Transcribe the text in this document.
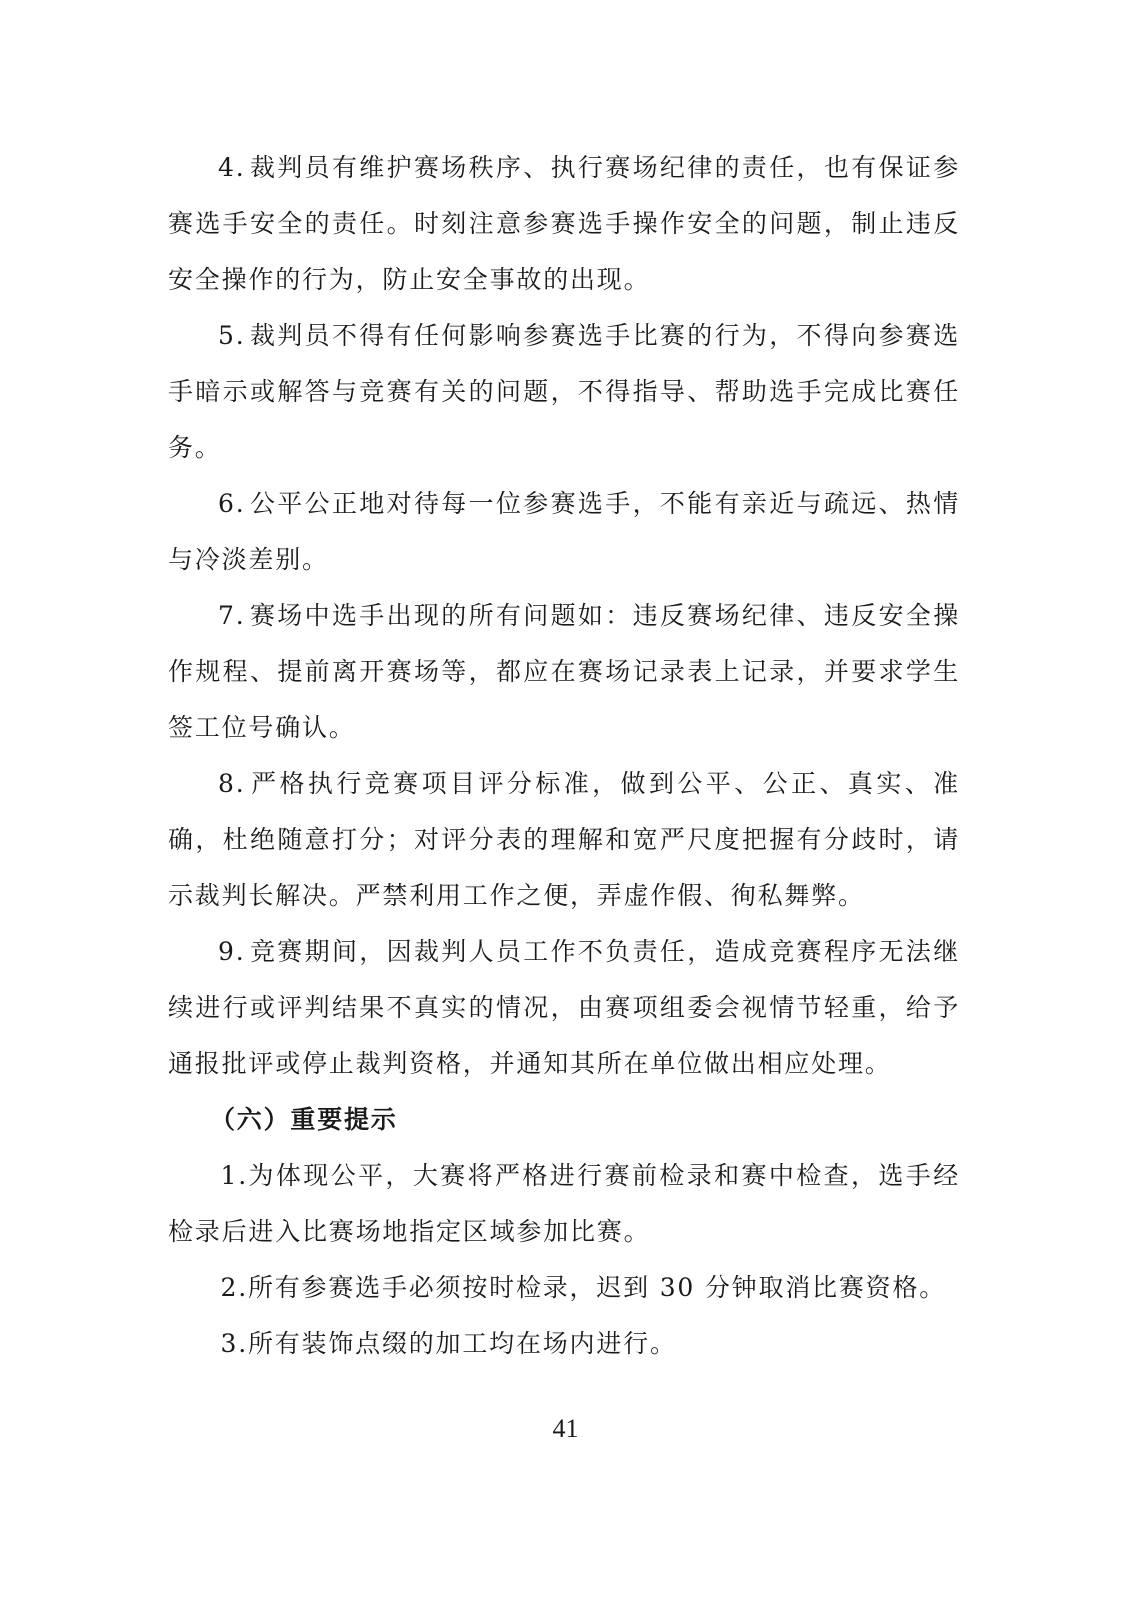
4. 裁判员有维护赛场秩序、执行赛场纪律的责任，也有保证参赛选手安全的责任。时刻注意参赛选手操作安全的问题，制止违反安全操作的行为，防止安全事故的出现。

5. 裁判员不得有任何影响参赛选手比赛的行为，不得向参赛选手暗示或解答与竞赛有关的问题，不得指导、帮助选手完成比赛任务。

6. 公平公正地对待每一位参赛选手，不能有亲近与疏远、热情与冷淡差别。

7. 赛场中选手出现的所有问题如：违反赛场纪律、违反安全操作规程、提前离开赛场等，都应在赛场记录表上记录，并要求学生签工位号确认。

8. 严格执行竞赛项目评分标准，做到公平、公正、真实、准确，杜绝随意打分；对评分表的理解和宽严尺度把握有分歧时，请示裁判长解决。严禁利用工作之便，弄虚作假、徇私舞弊。

9. 竞赛期间，因裁判人员工作不负责任，造成竞赛程序无法继续进行或评判结果不真实的情况，由赛项组委会视情节轻重，给予通报批评或停止裁判资格，并通知其所在单位做出相应处理。

（六）重要提示

1.为体现公平，大赛将严格进行赛前检录和赛中检查，选手经检录后进入比赛场地指定区域参加比赛。

2.所有参赛选手必须按时检录，迟到 30 分钟取消比赛资格。

3.所有装饰点缀的加工均在场内进行。

41
